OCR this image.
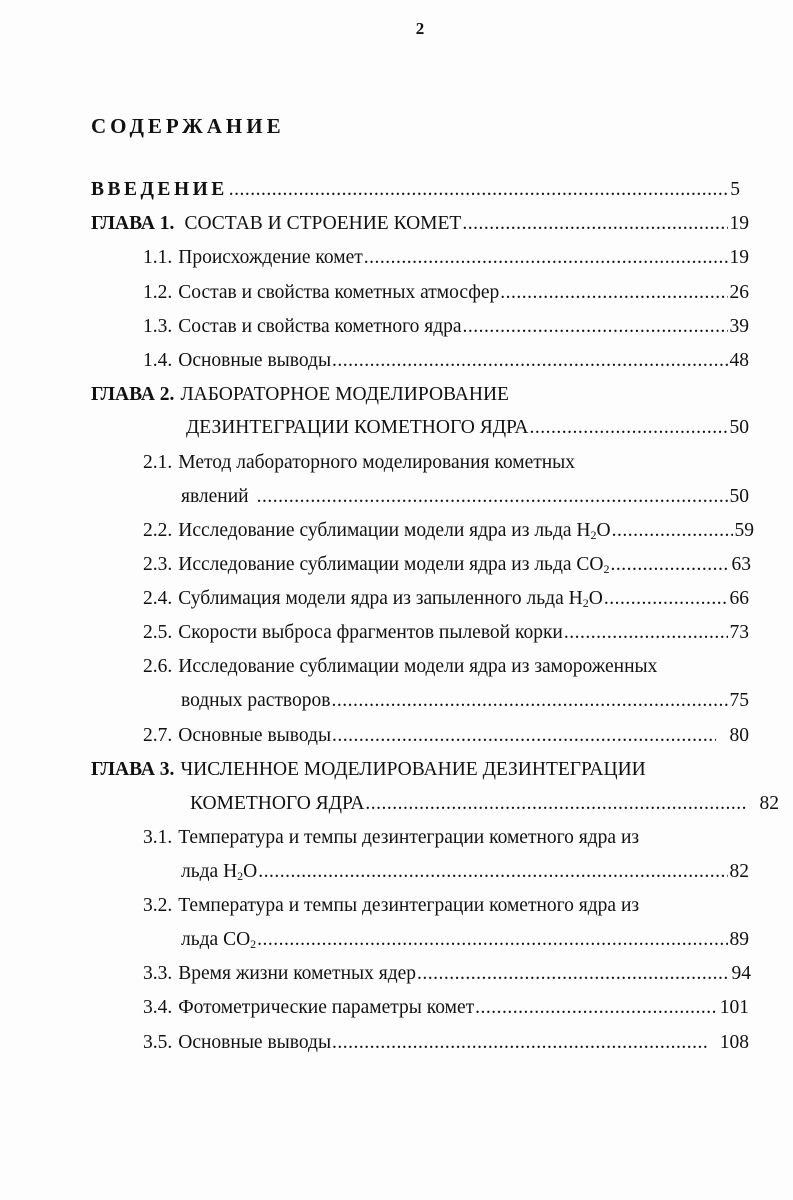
2
СОДЕРЖАНИЕ
ВВЕДЕНИЕ .....	5
ГЛАВА 1. СОСТАВ И СТРОЕНИЕ КОМЕТ .....	19
1.1. Происхождение комет .....	19
1.2. Состав и свойства кометных атмосфер .....	26
1.3. Состав и свойства кометного ядра .....	39
1.4. Основные выводы .....	48
ГЛАВА 2. ЛАБОРАТОРНОЕ МОДЕЛИРОВАНИЕ
ДЕЗИНТЕГРАЦИИ КОМЕТНОГО ЯДРА .....	50
2.1. Метод лабораторного моделирования кометных
явлений .....	50
2.2. Исследование сублимации модели ядра из льда $H_2O$ .....	59
2.3. Исследование сублимации модели ядра из льда $CO_2$ .....	63
2.4. Сублимация модели ядра из запыленного льда $H_2O$ .....	66
2.5. Скорости выброса фрагментов пылевой корки .....	73
2.6. Исследование сублимации модели ядра из замороженных
водных растворов .....	75
2.7. Основные выводы .....	80
ГЛАВА 3. ЧИСЛЕННОЕ МОДЕЛИРОВАНИЕ ДЕЗИНТЕГРАЦИИ
КОМЕТНОГО ЯДРА .....	82
3.1. Температура и темпы дезинтеграции кометного ядра из
льда $H_2O$ .....	82
3.2. Температура и темпы дезинтеграции кометного ядра из
льда $CO_2$ .....	89
3.3. Время жизни кометных ядер .....	94
3.4. Фотометрические параметры комет .....	101
3.5. Основные выводы .....	108
